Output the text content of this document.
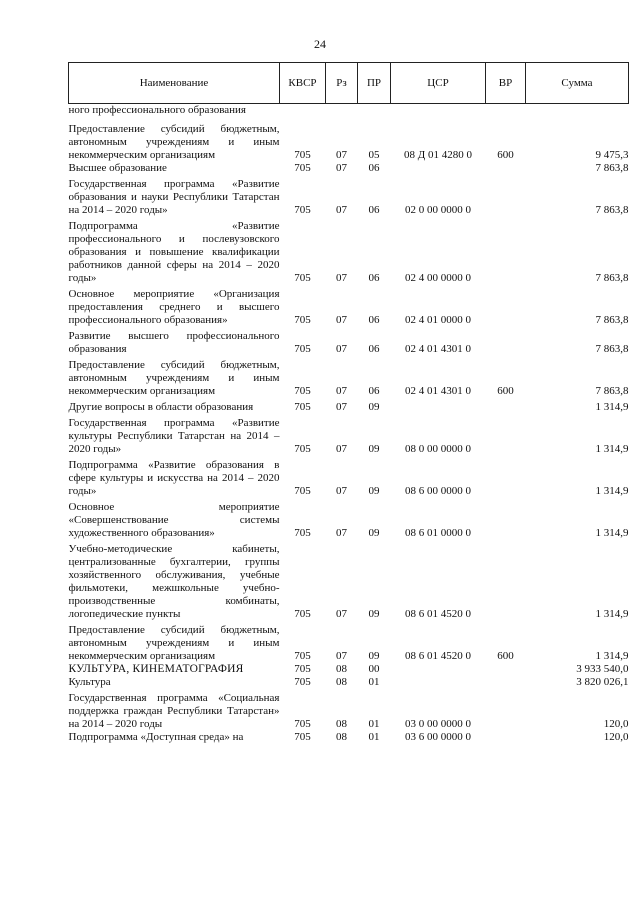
24
Наименование	КВСР	Рз	ПР	ЦСР	ВР	Сумма
ного профессионального образования						
Предоставление субсидий бюджетным, автономным учреждениям и иным некоммерческим организациям	705	07	05	08 Д 01 4280 0	600	9 475,3
Высшее образование	705	07	06			7 863,8
Государственная программа «Развитие образования и науки Республики Татарстан на 2014 – 2020 годы»	705	07	06	02 0 00 0000 0		7 863,8
Подпрограмма «Развитие профессионального и послевузовского образования и повышение квалификации работников данной сферы на 2014 – 2020 годы»	705	07	06	02 4 00 0000 0		7 863,8
Основное мероприятие «Организация предоставления среднего и высшего профессионального образования»	705	07	06	02 4 01 0000 0		7 863,8
Развитие высшего профессионального образования	705	07	06	02 4 01 4301 0		7 863,8
Предоставление субсидий бюджетным, автономным учреждениям и иным некоммерческим организациям	705	07	06	02 4 01 4301 0	600	7 863,8
Другие вопросы в области образования	705	07	09			1 314,9
Государственная программа «Развитие культуры Республики Татарстан на 2014 – 2020 годы»	705	07	09	08 0 00 0000 0		1 314,9
Подпрограмма «Развитие образования в сфере культуры и искусства на 2014 – 2020 годы»	705	07	09	08 6 00 0000 0		1 314,9
Основное мероприятие «Совершенствование системы художественного образования»	705	07	09	08 6 01 0000 0		1 314,9
Учебно-методические кабинеты, централизованные бухгалтерии, группы хозяйственного обслуживания, учебные фильмотеки, межшкольные учебно-производственные комбинаты, логопедические пункты	705	07	09	08 6 01 4520 0		1 314,9
Предоставление субсидий бюджетным, автономным учреждениям и иным некоммерческим организациям	705	07	09	08 6 01 4520 0	600	1 314,9
КУЛЬТУРА, КИНЕМАТОГРАФИЯ	705	08	00			3 933 540,0
Культура	705	08	01			3 820 026,1
Государственная программа «Социальная поддержка граждан Республики Татарстан» на 2014 – 2020 годы	705	08	01	03 0 00 0000 0		120,0
Подпрограмма «Доступная среда» на	705	08	01	03 6 00 0000 0		120,0
